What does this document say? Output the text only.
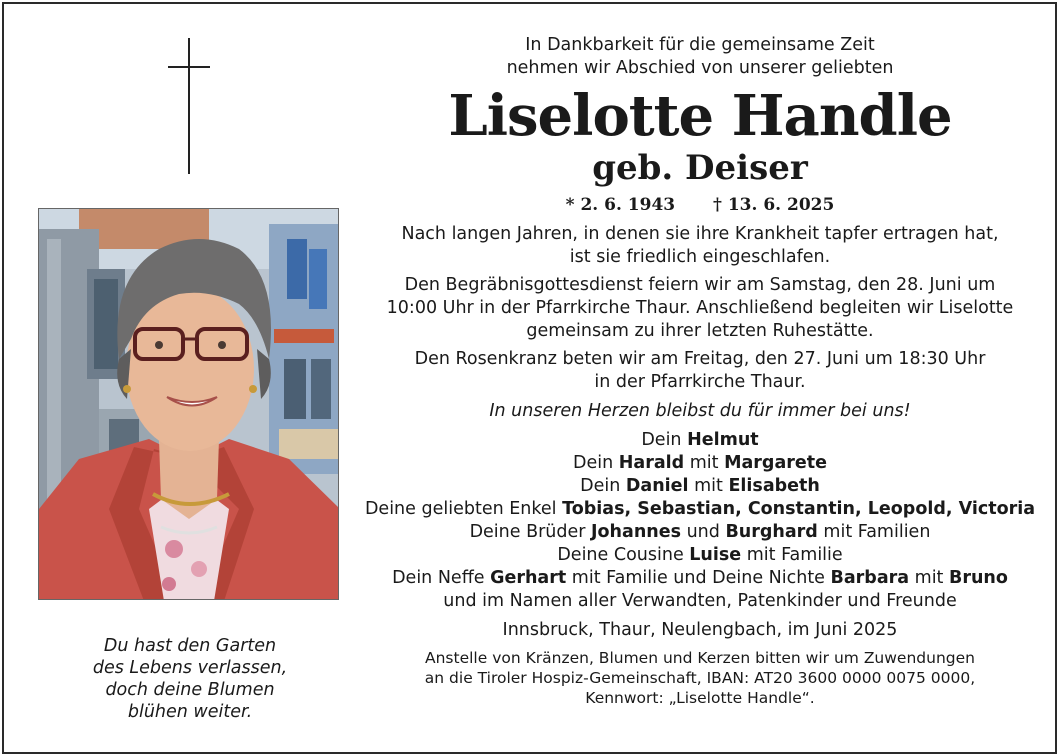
Du hast den Garten
des Lebens verlassen,
doch deine Blumen
blühen weiter.
In Dankbarkeit für die gemeinsame Zeit
nehmen wir Abschied von unserer geliebten
Liselotte Handle
geb. Deiser
* 2. 6. 1943 † 13. 6. 2025
Nach langen Jahren, in denen sie ihre Krankheit tapfer ertragen hat,
ist sie friedlich eingeschlafen.
Den Begräbnisgottesdienst feiern wir am Samstag, den 28. Juni um
10:00 Uhr in der Pfarrkirche Thaur. Anschließend begleiten wir Liselotte
gemeinsam zu ihrer letzten Ruhestätte.
Den Rosenkranz beten wir am Freitag, den 27. Juni um 18:30 Uhr
in der Pfarrkirche Thaur.
In unseren Herzen bleibst du für immer bei uns!
Dein Helmut
Dein Harald mit Margarete
Dein Daniel mit Elisabeth
Deine geliebten Enkel Tobias, Sebastian, Constantin, Leopold, Victoria
Deine Brüder Johannes und Burghard mit Familien
Deine Cousine Luise mit Familie
Dein Neffe Gerhart mit Familie und Deine Nichte Barbara mit Bruno
und im Namen aller Verwandten, Patenkinder und Freunde
Innsbruck, Thaur, Neulengbach, im Juni 2025
Anstelle von Kränzen, Blumen und Kerzen bitten wir um Zuwendungen
an die Tiroler Hospiz-Gemeinschaft, IBAN: AT20 3600 0000 0075 0000,
Kennwort: „Liselotte Handle“.
